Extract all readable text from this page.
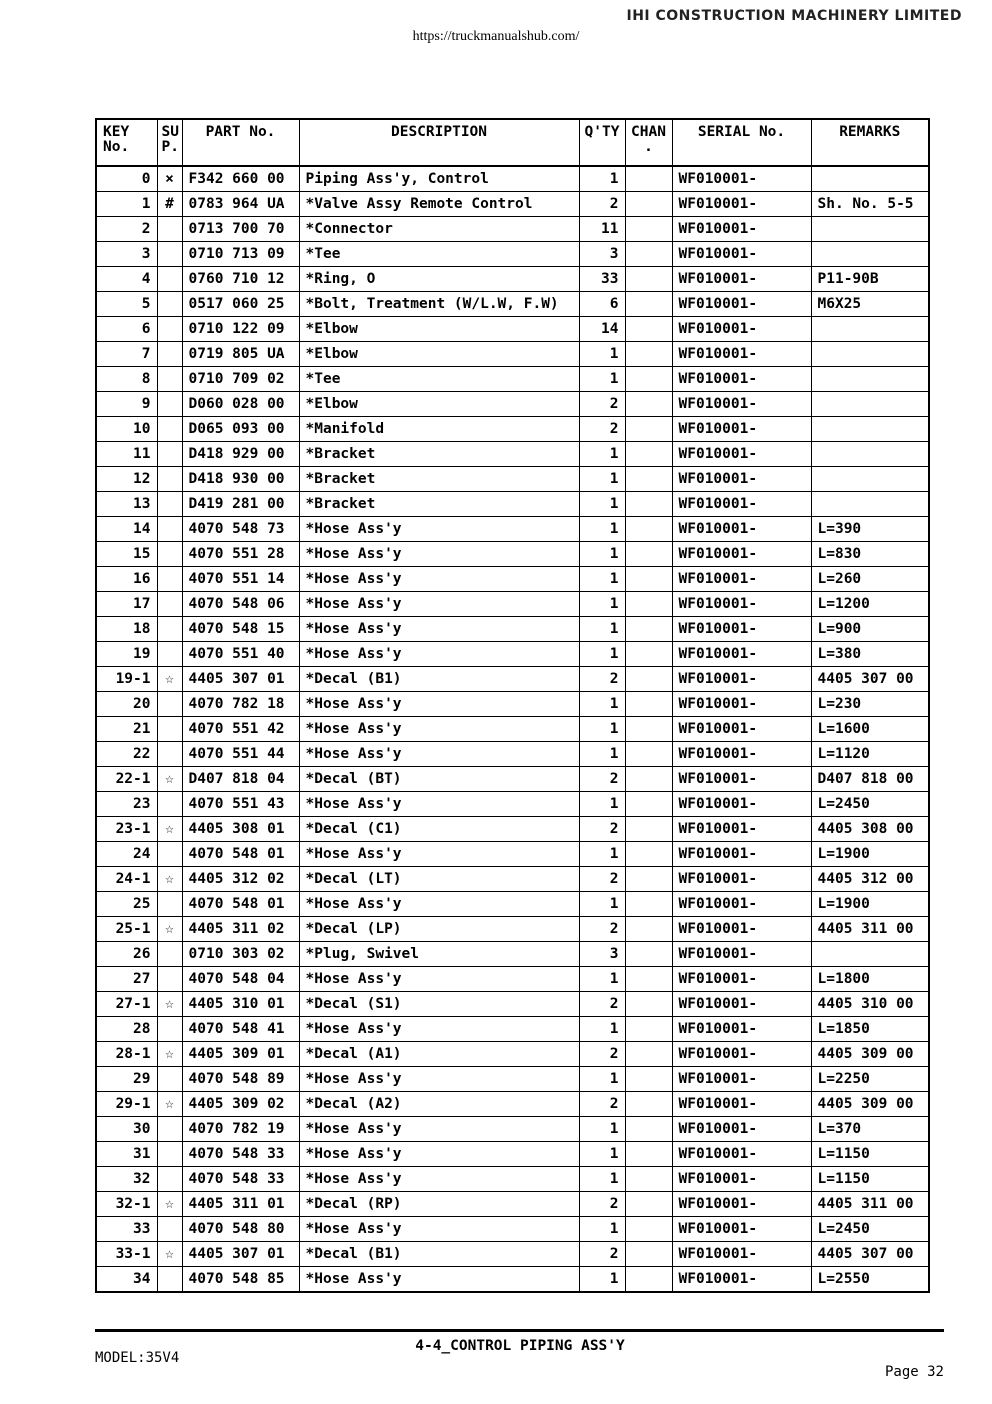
IHI CONSTRUCTION MACHINERY LIMITED
https://truckmanualshub.com/
KEY No.	SU P.	PART No.	DESCRIPTION	Q'TY	CHAN .	SERIAL No.	REMARKS
0	×	F342 660 00	Piping Ass'y, Control	1		WF010001-	
1	#	0783 964 UA	*Valve Assy Remote Control	2		WF010001-	Sh. No. 5-5
2		0713 700 70	*Connector	11		WF010001-	
3		0710 713 09	*Tee	3		WF010001-	
4		0760 710 12	*Ring, O	33		WF010001-	P11-90B
5		0517 060 25	*Bolt, Treatment (W/L.W, F.W)	6		WF010001-	M6X25
6		0710 122 09	*Elbow	14		WF010001-	
7		0719 805 UA	*Elbow	1		WF010001-	
8		0710 709 02	*Tee	1		WF010001-	
9		D060 028 00	*Elbow	2		WF010001-	
10		D065 093 00	*Manifold	2		WF010001-	
11		D418 929 00	*Bracket	1		WF010001-	
12		D418 930 00	*Bracket	1		WF010001-	
13		D419 281 00	*Bracket	1		WF010001-	
14		4070 548 73	*Hose Ass'y	1		WF010001-	L=390
15		4070 551 28	*Hose Ass'y	1		WF010001-	L=830
16		4070 551 14	*Hose Ass'y	1		WF010001-	L=260
17		4070 548 06	*Hose Ass'y	1		WF010001-	L=1200
18		4070 548 15	*Hose Ass'y	1		WF010001-	L=900
19		4070 551 40	*Hose Ass'y	1		WF010001-	L=380
19-1	☆	4405 307 01	*Decal (B1)	2		WF010001-	4405 307 00
20		4070 782 18	*Hose Ass'y	1		WF010001-	L=230
21		4070 551 42	*Hose Ass'y	1		WF010001-	L=1600
22		4070 551 44	*Hose Ass'y	1		WF010001-	L=1120
22-1	☆	D407 818 04	*Decal (BT)	2		WF010001-	D407 818 00
23		4070 551 43	*Hose Ass'y	1		WF010001-	L=2450
23-1	☆	4405 308 01	*Decal (C1)	2		WF010001-	4405 308 00
24		4070 548 01	*Hose Ass'y	1		WF010001-	L=1900
24-1	☆	4405 312 02	*Decal (LT)	2		WF010001-	4405 312 00
25		4070 548 01	*Hose Ass'y	1		WF010001-	L=1900
25-1	☆	4405 311 02	*Decal (LP)	2		WF010001-	4405 311 00
26		0710 303 02	*Plug, Swivel	3		WF010001-	
27		4070 548 04	*Hose Ass'y	1		WF010001-	L=1800
27-1	☆	4405 310 01	*Decal (S1)	2		WF010001-	4405 310 00
28		4070 548 41	*Hose Ass'y	1		WF010001-	L=1850
28-1	☆	4405 309 01	*Decal (A1)	2		WF010001-	4405 309 00
29		4070 548 89	*Hose Ass'y	1		WF010001-	L=2250
29-1	☆	4405 309 02	*Decal (A2)	2		WF010001-	4405 309 00
30		4070 782 19	*Hose Ass'y	1		WF010001-	L=370
31		4070 548 33	*Hose Ass'y	1		WF010001-	L=1150
32		4070 548 33	*Hose Ass'y	1		WF010001-	L=1150
32-1	☆	4405 311 01	*Decal (RP)	2		WF010001-	4405 311 00
33		4070 548 80	*Hose Ass'y	1		WF010001-	L=2450
33-1	☆	4405 307 01	*Decal (B1)	2		WF010001-	4405 307 00
34		4070 548 85	*Hose Ass'y	1		WF010001-	L=2550
4-4_CONTROL PIPING ASS'Y
MODEL:35V4
Page 32
